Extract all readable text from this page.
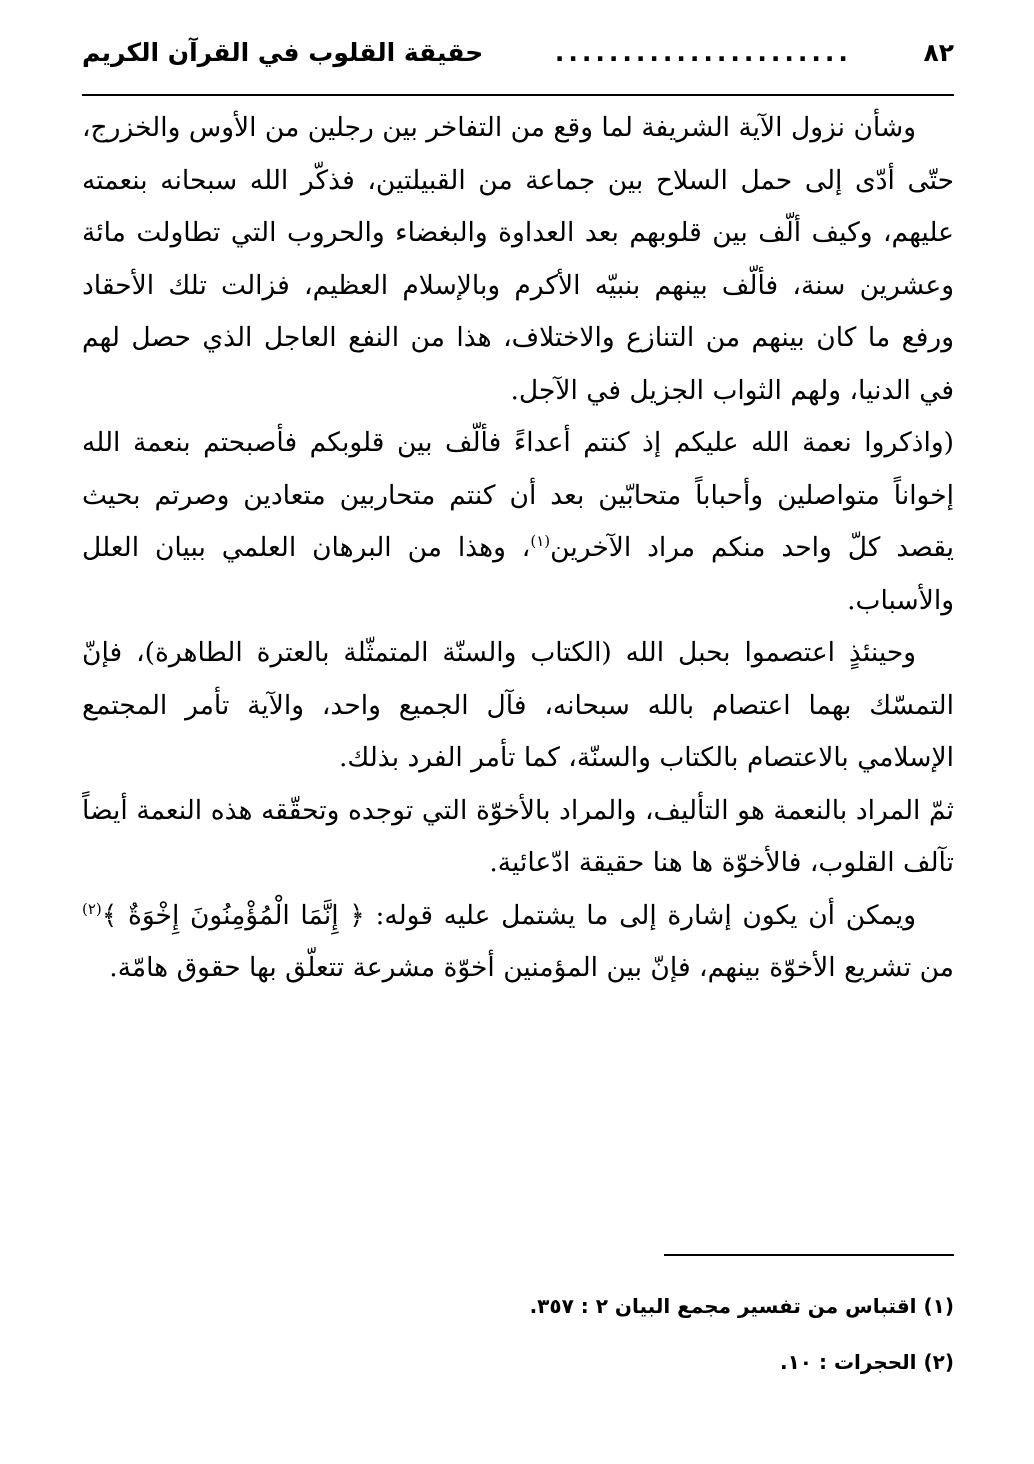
٨٢
......................
حقيقة القلوب في القرآن الكريم

وشأن نزول الآية الشريفة لما وقع من التفاخر بين رجلين من الأوس والخزرج، حتّى أدّى إلى حمل السلاح بين جماعة من القبيلتين، فذكّر الله سبحانه بنعمته عليهم، وكيف ألّف بين قلوبهم بعد العداوة والبغضاء والحروب التي تطاولت مائة وعشرين سنة، فألّف بينهم بنبيّه الأكرم وبالإسلام العظيم، فزالت تلك الأحقاد ورفع ما كان بينهم من التنازع والاختلاف، هذا من النفع العاجل الذي حصل لهم في الدنيا، ولهم الثواب الجزيل في الآجل.

(واذكروا نعمة الله عليكم إذ كنتم أعداءً فألّف بين قلوبكم فأصبحتم بنعمة الله إخواناً متواصلين وأحباباً متحابّين بعد أن كنتم متحاربين متعادين وصرتم بحيث يقصد كلّ واحد منكم مراد الآخرين$^{(١)}$، وهذا من البرهان العلمي ببيان العلل والأسباب.

وحينئذٍ اعتصموا بحبل الله (الكتاب والسنّة المتمثّلة بالعترة الطاهرة)، فإنّ التمسّك بهما اعتصام بالله سبحانه، فآل الجميع واحد، والآية تأمر المجتمع الإسلامي بالاعتصام بالكتاب والسنّة، كما تأمر الفرد بذلك.

ثمّ المراد بالنعمة هو التأليف، والمراد بالأخوّة التي توجده وتحقّقه هذه النعمة أيضاً تآلف القلوب، فالأخوّة ها هنا حقيقة ادّعائية.

ويمكن أن يكون إشارة إلى ما يشتمل عليه قوله: ﴿ إِنَّمَا الْمُؤْمِنُونَ إِخْوَةٌ ﴾$^{(٢)}$ من تشريع الأخوّة بينهم، فإنّ بين المؤمنين أخوّة مشرعة تتعلّق بها حقوق هامّة.

(١) اقتباس من تفسير مجمع البيان ٢ : ٣٥٧.

(٢) الحجرات : ١٠.
